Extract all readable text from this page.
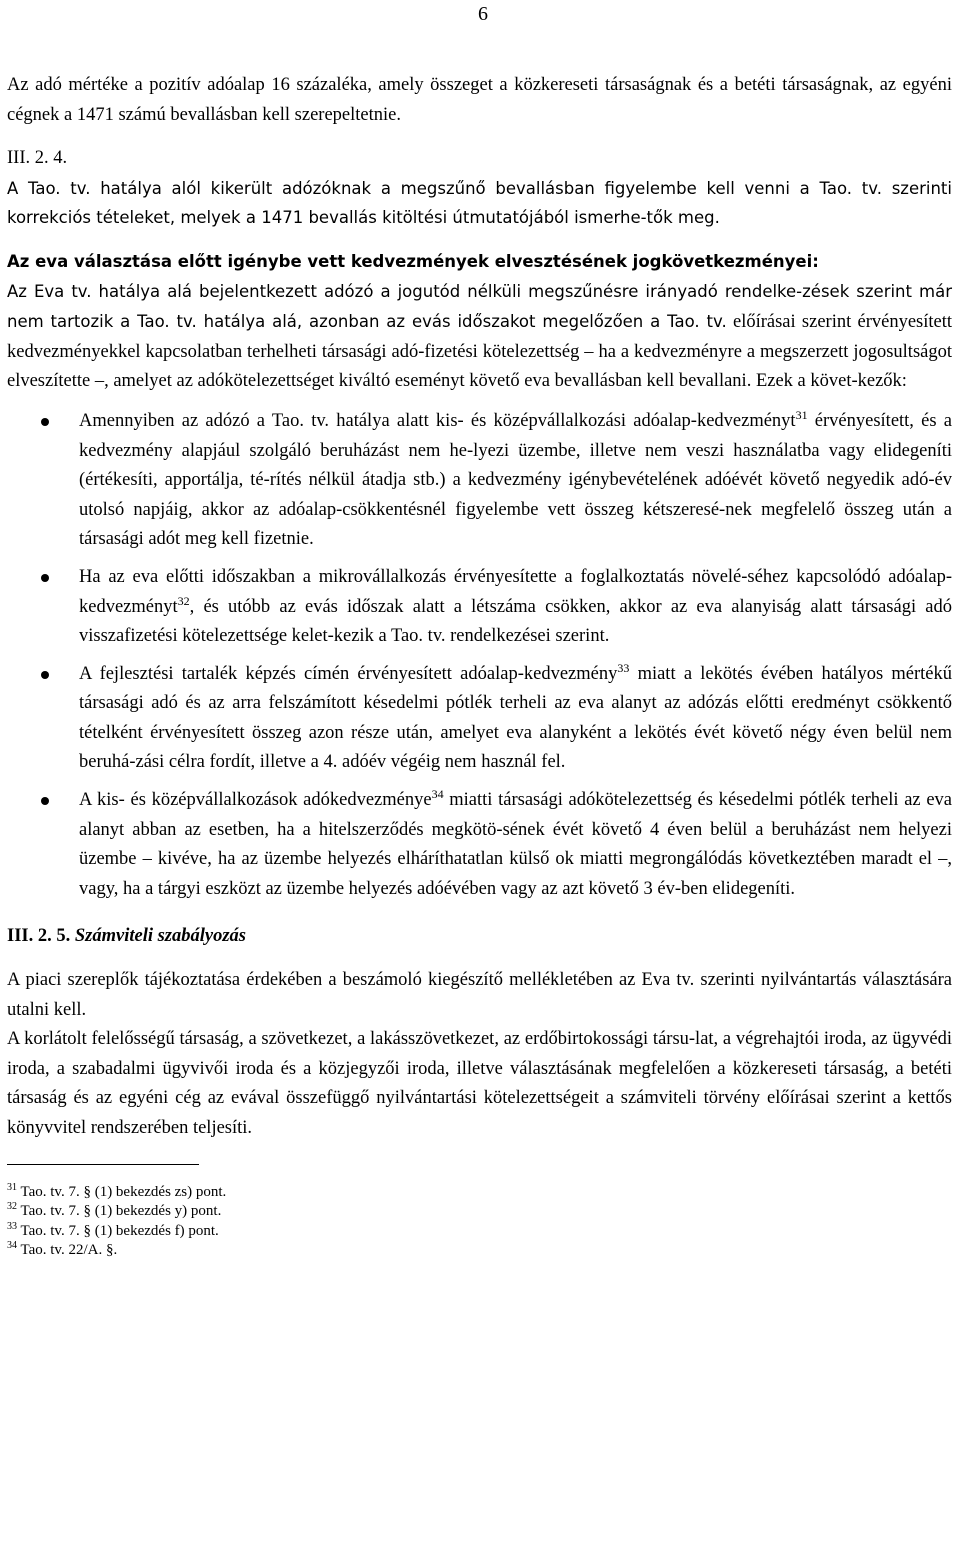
6

Az adó mértéke a pozitív adóalap 16 százaléka, amely összeget a közkereseti társaságnak és a betéti társaságnak, az egyéni cégnek a 1471 számú bevallásban kell szerepeltetnie.

III. 2. 4.

A Tao. tv. hatálya alól kikerült adózóknak a megszűnő bevallásban figyelembe kell venni a Tao. tv. szerinti korrekciós tételeket, melyek a 1471 bevallás kitöltési útmutatójából ismerhe-tők meg.

Az eva választása előtt igénybe vett kedvezmények elvesztésének jogkövetkezményei:

Az Eva tv. hatálya alá bejelentkezett adózó a jogutód nélküli megszűnésre irányadó rendelke-zések szerint már nem tartozik a Tao. tv. hatálya alá, azonban az evás időszakot megelőzően a Tao. tv. előírásai szerint érvényesített kedvezményekkel kapcsolatban terhelheti társasági adó-fizetési kötelezettség – ha a kedvezményre a megszerzett jogosultságot elveszítette –, amelyet az adókötelezettséget kiváltó eseményt követő eva bevallásban kell bevallani. Ezek a követ-kezők:

Amennyiben az adózó a Tao. tv. hatálya alatt kis- és középvállalkozási adóalap-kedvezményt$^{31}$ érvényesített, és a kedvezmény alapjául szolgáló beruházást nem he-lyezi üzembe, illetve nem veszi használatba vagy elidegeníti (értékesíti, apportálja, té-rítés nélkül átadja stb.) a kedvezmény igénybevételének adóévét követő negyedik adó-év utolsó napjáig, akkor az adóalap-csökkentésnél figyelembe vett összeg kétszeresé-nek megfelelő összeg után a társasági adót meg kell fizetnie.
Ha az eva előtti időszakban a mikrovállalkozás érvényesítette a foglalkoztatás növelé-séhez kapcsolódó adóalap-kedvezményt$^{32}$, és utóbb az evás időszak alatt a létszáma csökken, akkor az eva alanyiság alatt társasági adó visszafizetési kötelezettsége kelet-kezik a Tao. tv. rendelkezései szerint.
A fejlesztési tartalék képzés címén érvényesített adóalap-kedvezmény$^{33}$ miatt a lekötés évében hatályos mértékű társasági adó és az arra felszámított késedelmi pótlék terheli az eva alanyt az adózás előtti eredményt csökkentő tételként érvényesített összeg azon része után, amelyet eva alanyként a lekötés évét követő négy éven belül nem beruhá-zási célra fordít, illetve a 4. adóév végéig nem használ fel.
A kis- és középvállalkozások adókedvezménye$^{34}$ miatti társasági adókötelezettség és késedelmi pótlék terheli az eva alanyt abban az esetben, ha a hitelszerződés megkötö-sének évét követő 4 éven belül a beruházást nem helyezi üzembe – kivéve, ha az üzembe helyezés elháríthatatlan külső ok miatti megrongálódás következtében maradt el –, vagy, ha a tárgyi eszközt az üzembe helyezés adóévében vagy az azt követő 3 év-ben elidegeníti.

III. 2. 5. Számviteli szabályozás

A piaci szereplők tájékoztatása érdekében a beszámoló kiegészítő mellékletében az Eva tv. szerinti nyilvántartás választására utalni kell.

A korlátolt felelősségű társaság, a szövetkezet, a lakásszövetkezet, az erdőbirtokossági társu-lat, a végrehajtói iroda, az ügyvédi iroda, a szabadalmi ügyvivői iroda és a közjegyzői iroda, illetve választásának megfelelően a közkereseti társaság, a betéti társaság és az egyéni cég az evával összefüggő nyilvántartási kötelezettségeit a számviteli törvény előírásai szerint a kettős könyvvitel rendszerében teljesíti.

$^{31}$ Tao. tv. 7. § (1) bekezdés zs) pont.
$^{32}$ Tao. tv. 7. § (1) bekezdés y) pont.
$^{33}$ Tao. tv. 7. § (1) bekezdés f) pont.
$^{34}$ Tao. tv. 22/A. §.
